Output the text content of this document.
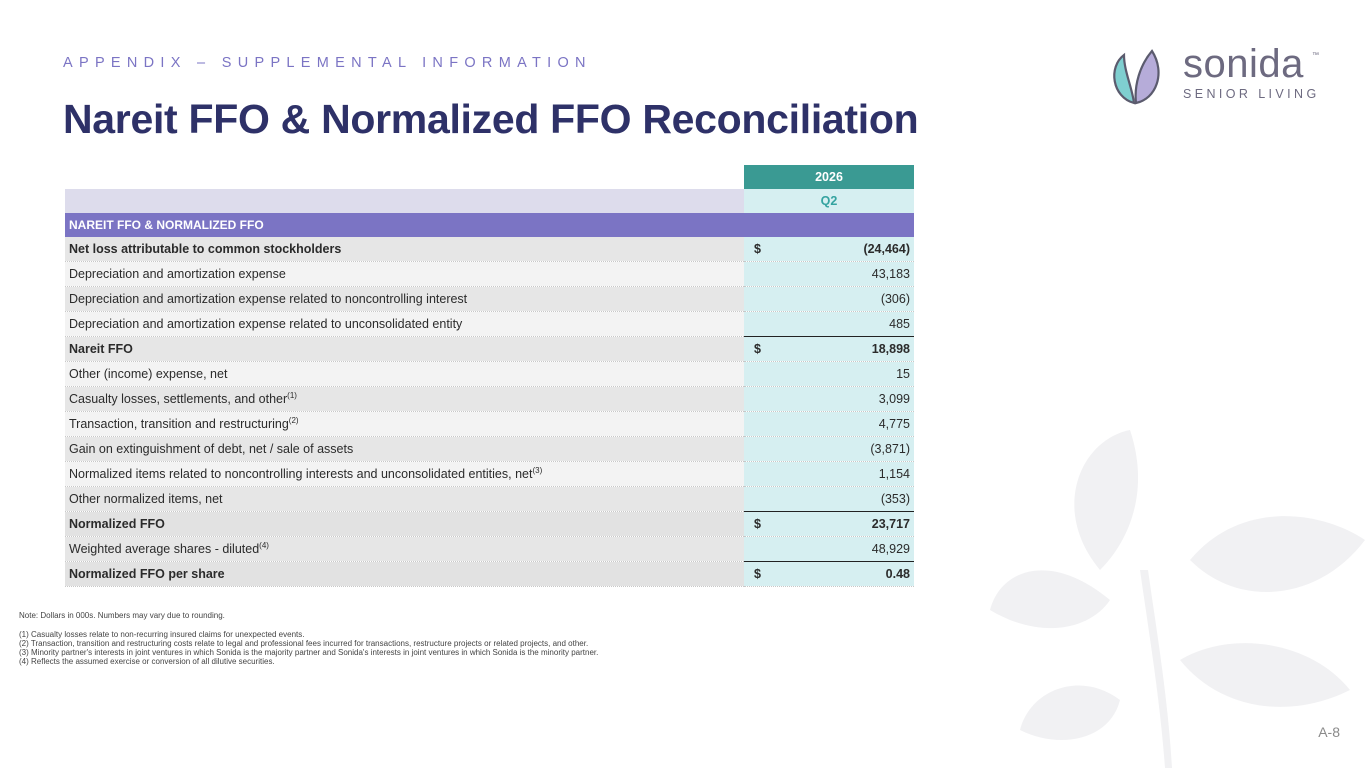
APPENDIX – SUPPLEMENTAL INFORMATION
Nareit FFO & Normalized FFO Reconciliation
sonida ™
SENIOR LIVING
	2026
	Q2
NAREIT FFO & NORMALIZED FFO	
Net loss attributable to common stockholders	$ (24,464)
Depreciation and amortization expense	43,183
Depreciation and amortization expense related to noncontrolling interest	(306)
Depreciation and amortization expense related to unconsolidated entity	485
Nareit FFO	$ 18,898
Other (income) expense, net	15
Casualty losses, settlements, and other$^{(1)}$	3,099
Transaction, transition and restructuring$^{(2)}$	4,775
Gain on extinguishment of debt, net / sale of assets	(3,871)
Normalized items related to noncontrolling interests and unconsolidated entities, net$^{(3)}$	1,154
Other normalized items, net	(353)
Normalized FFO	$ 23,717
Weighted average shares - diluted$^{(4)}$	48,929
Normalized FFO per share	$ 0.48
Note: Dollars in 000s. Numbers may vary due to rounding.
(1) Casualty losses relate to non-recurring insured claims for unexpected events.
(2) Transaction, transition and restructuring costs relate to legal and professional fees incurred for transactions, restructure projects or related projects, and other.
(3) Minority partner's interests in joint ventures in which Sonida is the majority partner and Sonida's interests in joint ventures in which Sonida is the minority partner.
(4) Reflects the assumed exercise or conversion of all dilutive securities.
A-8
